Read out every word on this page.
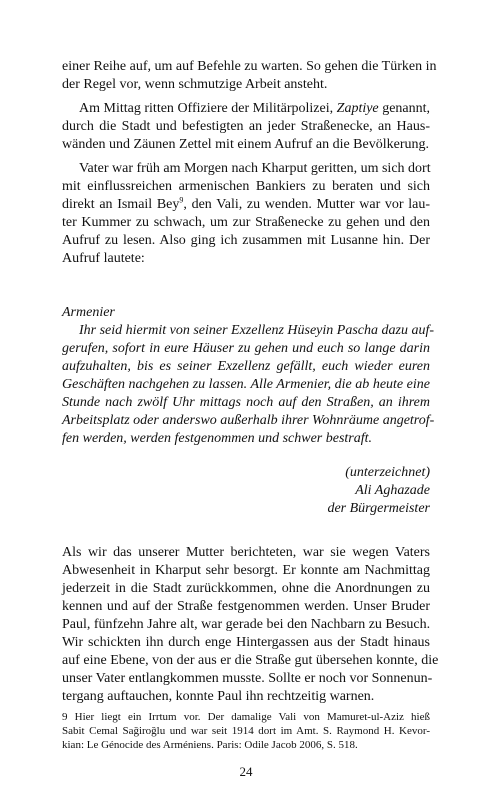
einer Reihe auf, um auf Befehle zu warten. So gehen die Türken in
der Regel vor, wenn schmutzige Arbeit ansteht.
Am Mittag ritten Offiziere der Militärpolizei, Zaptiye genannt,
durch die Stadt und befestigten an jeder Straßenecke, an Haus-
wänden und Zäunen Zettel mit einem Aufruf an die Bevölkerung.
Vater war früh am Morgen nach Kharput geritten, um sich dort
mit einflussreichen armenischen Bankiers zu beraten und sich
direkt an Ismail Bey$^9$, den Vali, zu wenden. Mutter war vor lau-
ter Kummer zu schwach, um zur Straßenecke zu gehen und den
Aufruf zu lesen. Also ging ich zusammen mit Lusanne hin. Der
Aufruf lautete:
Armenier
Ihr seid hiermit von seiner Exzellenz Hüseyin Pascha dazu auf-
gerufen, sofort in eure Häuser zu gehen und euch so lange darin
aufzuhalten, bis es seiner Exzellenz gefällt, euch wieder euren
Geschäften nachgehen zu lassen. Alle Armenier, die ab heute eine
Stunde nach zwölf Uhr mittags noch auf den Straßen, an ihrem
Arbeitsplatz oder anderswo außerhalb ihrer Wohnräume angetrof-
fen werden, werden festgenommen und schwer bestraft.
(unterzeichnet)
Ali Aghazade
der Bürgermeister
Als wir das unserer Mutter berichteten, war sie wegen Vaters
Abwesenheit in Kharput sehr besorgt. Er konnte am Nachmittag
jederzeit in die Stadt zurückkommen, ohne die Anordnungen zu
kennen und auf der Straße festgenommen werden. Unser Bruder
Paul, fünfzehn Jahre alt, war gerade bei den Nachbarn zu Besuch.
Wir schickten ihn durch enge Hintergassen aus der Stadt hinaus
auf eine Ebene, von der aus er die Straße gut übersehen konnte, die
unser Vater entlangkommen musste. Sollte er noch vor Sonnenun-
tergang auftauchen, konnte Paul ihn rechtzeitig warnen.
9 Hier liegt ein Irrtum vor. Der damalige Vali von Mamuret-ul-Aziz hieß
Sabit Cemal Sağiroğlu und war seit 1914 dort im Amt. S. Raymond H. Kevor-
kian: Le Génocide des Arméniens. Paris: Odile Jacob 2006, S. 518.
24
